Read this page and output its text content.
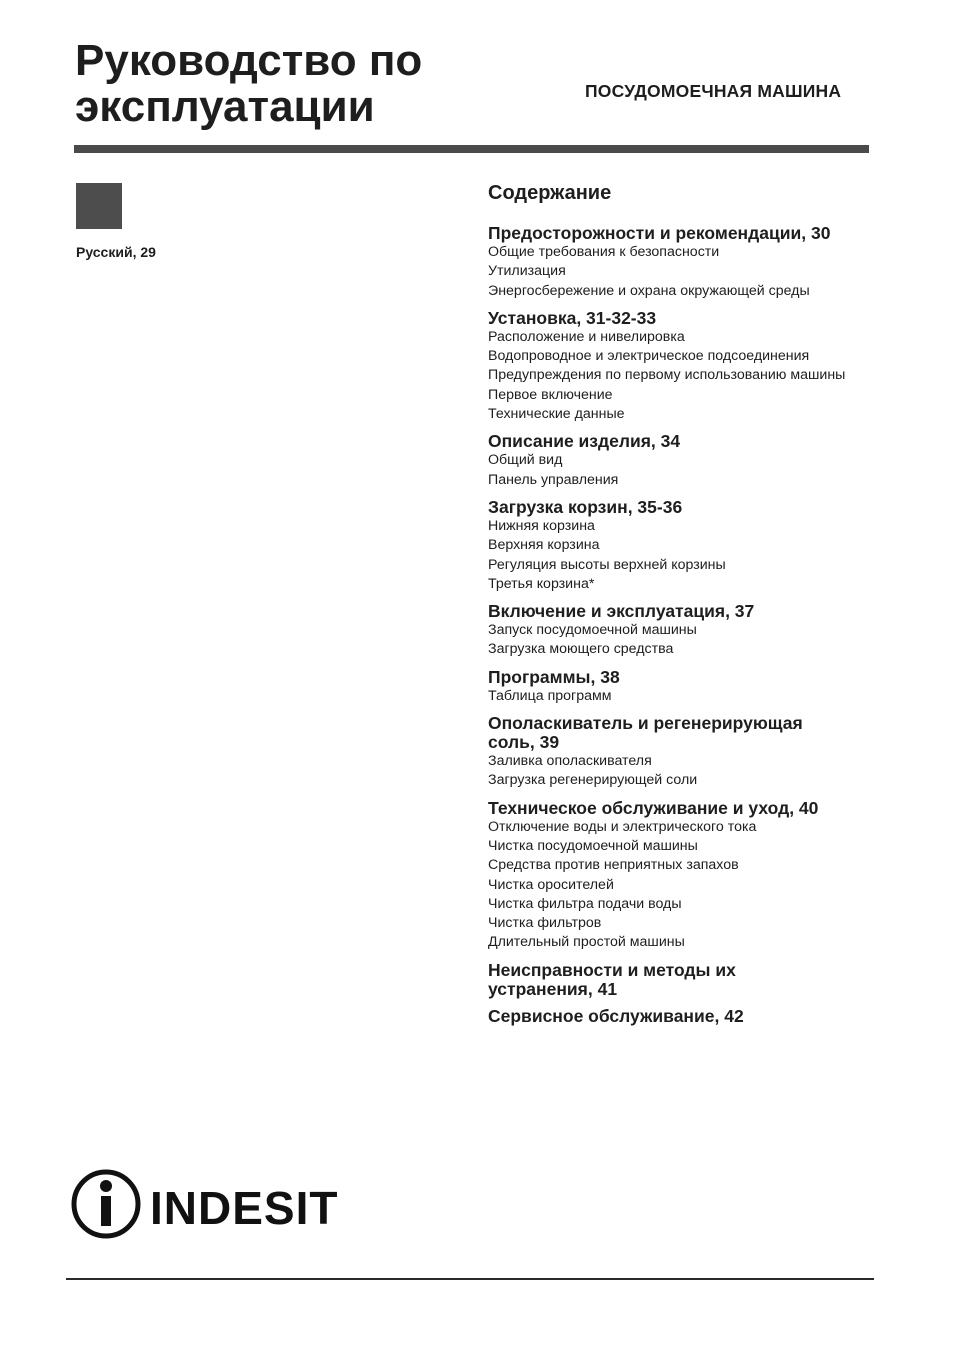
Руководство по
эксплуатации	ПОСУДОМОЕЧНАЯ МАШИНА
Русский, 29
Содержание
Предосторожности и рекомендации, 30
Общие требования к безопасности
Утилизация
Энергосбережение и охрана окружающей среды
Установка, 31-32-33
Расположение и нивелировка
Водопроводное и электрическое подсоединения
Предупреждения по первому использованию машины
Первое включение
Технические данные
Описание изделия, 34
Общий вид
Панель управления
Загрузка корзин, 35-36
Нижняя корзина
Верхняя корзина
Регуляция высоты верхней корзины
Третья корзина*
Включение и эксплуатация, 37
Запуск посудомоечной машины
Загрузка моющего средства
Программы, 38
Таблица программ
Ополаскиватель и регенерирующая
соль, 39
Заливка ополаскивателя
Загрузка регенерирующей соли
Техническое обслуживание и уход, 40
Отключение воды и электрического тока
Чистка посудомоечной машины
Средства против неприятных запахов
Чистка оросителей
Чистка фильтра подачи воды
Чистка фильтров
Длительный простой машины
Неисправности и методы их
устранения, 41
Сервисное обслуживание, 42
INDESIT
